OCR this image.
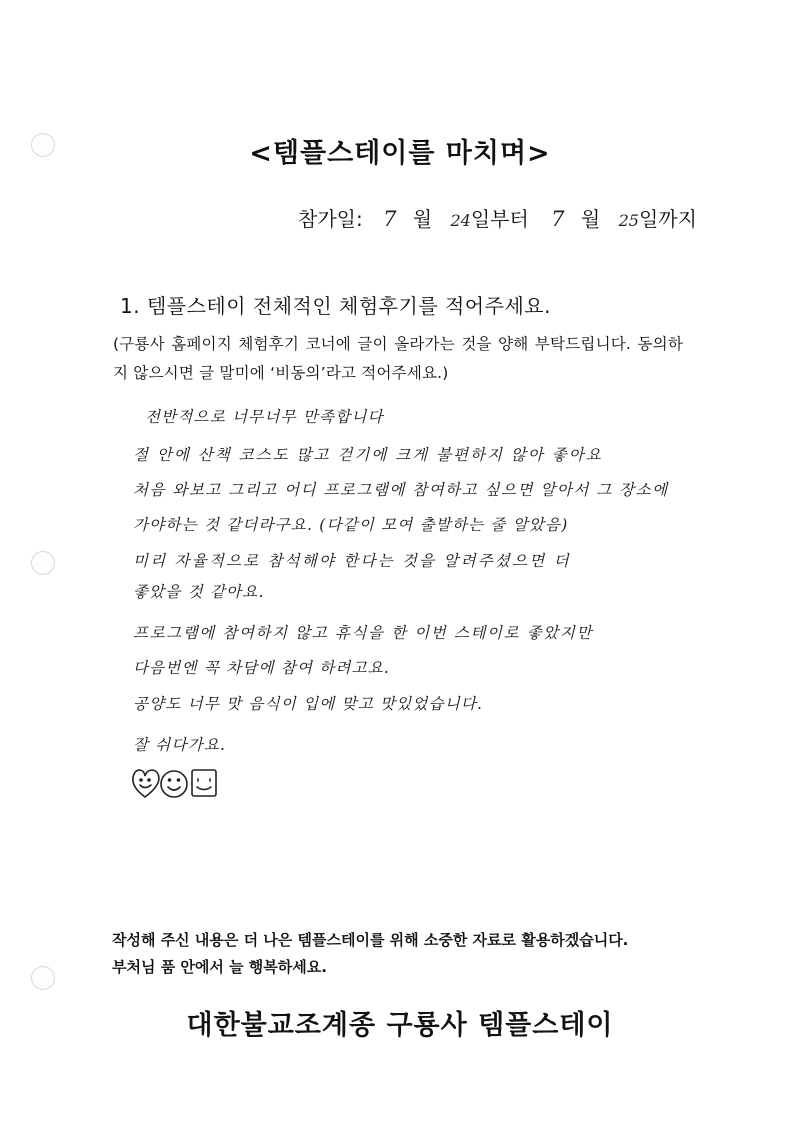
<템플스테이를 마치며>
참가일: 7 월 24일부터 7 월 25일까지
1. 템플스테이 전체적인 체험후기를 적어주세요.
(구룡사 홈페이지 체험후기 코너에 글이 올라가는 것을 양해 부탁드립니다. 동의하지 않으시면 글 말미에 ‘비동의’라고 적어주세요.)
전반적으로 너무너무 만족합니다
절 안에 산책 코스도 많고 걷기에 크게 불편하지 않아 좋아요
처음 와보고 그리고 어디 프로그램에 참여하고 싶으면 알아서 그 장소에
가야하는 것 같더라구요. (다같이 모여 출발하는 줄 알았음)
미리 자율적으로 참석해야 한다는 것을 알려주셨으면 더
좋았을 것 같아요.
프로그램에 참여하지 않고 휴식을 한 이번 스테이로 좋았지만
다음번엔 꼭 차담에 참여 하려고요.
공양도 너무 맛 음식이 입에 맞고 맛있었습니다.
잘 쉬다가요.
작성해 주신 내용은 더 나은 템플스테이를 위해 소중한 자료로 활용하겠습니다.
부처님 품 안에서 늘 행복하세요.
대한불교조계종 구룡사 템플스테이
